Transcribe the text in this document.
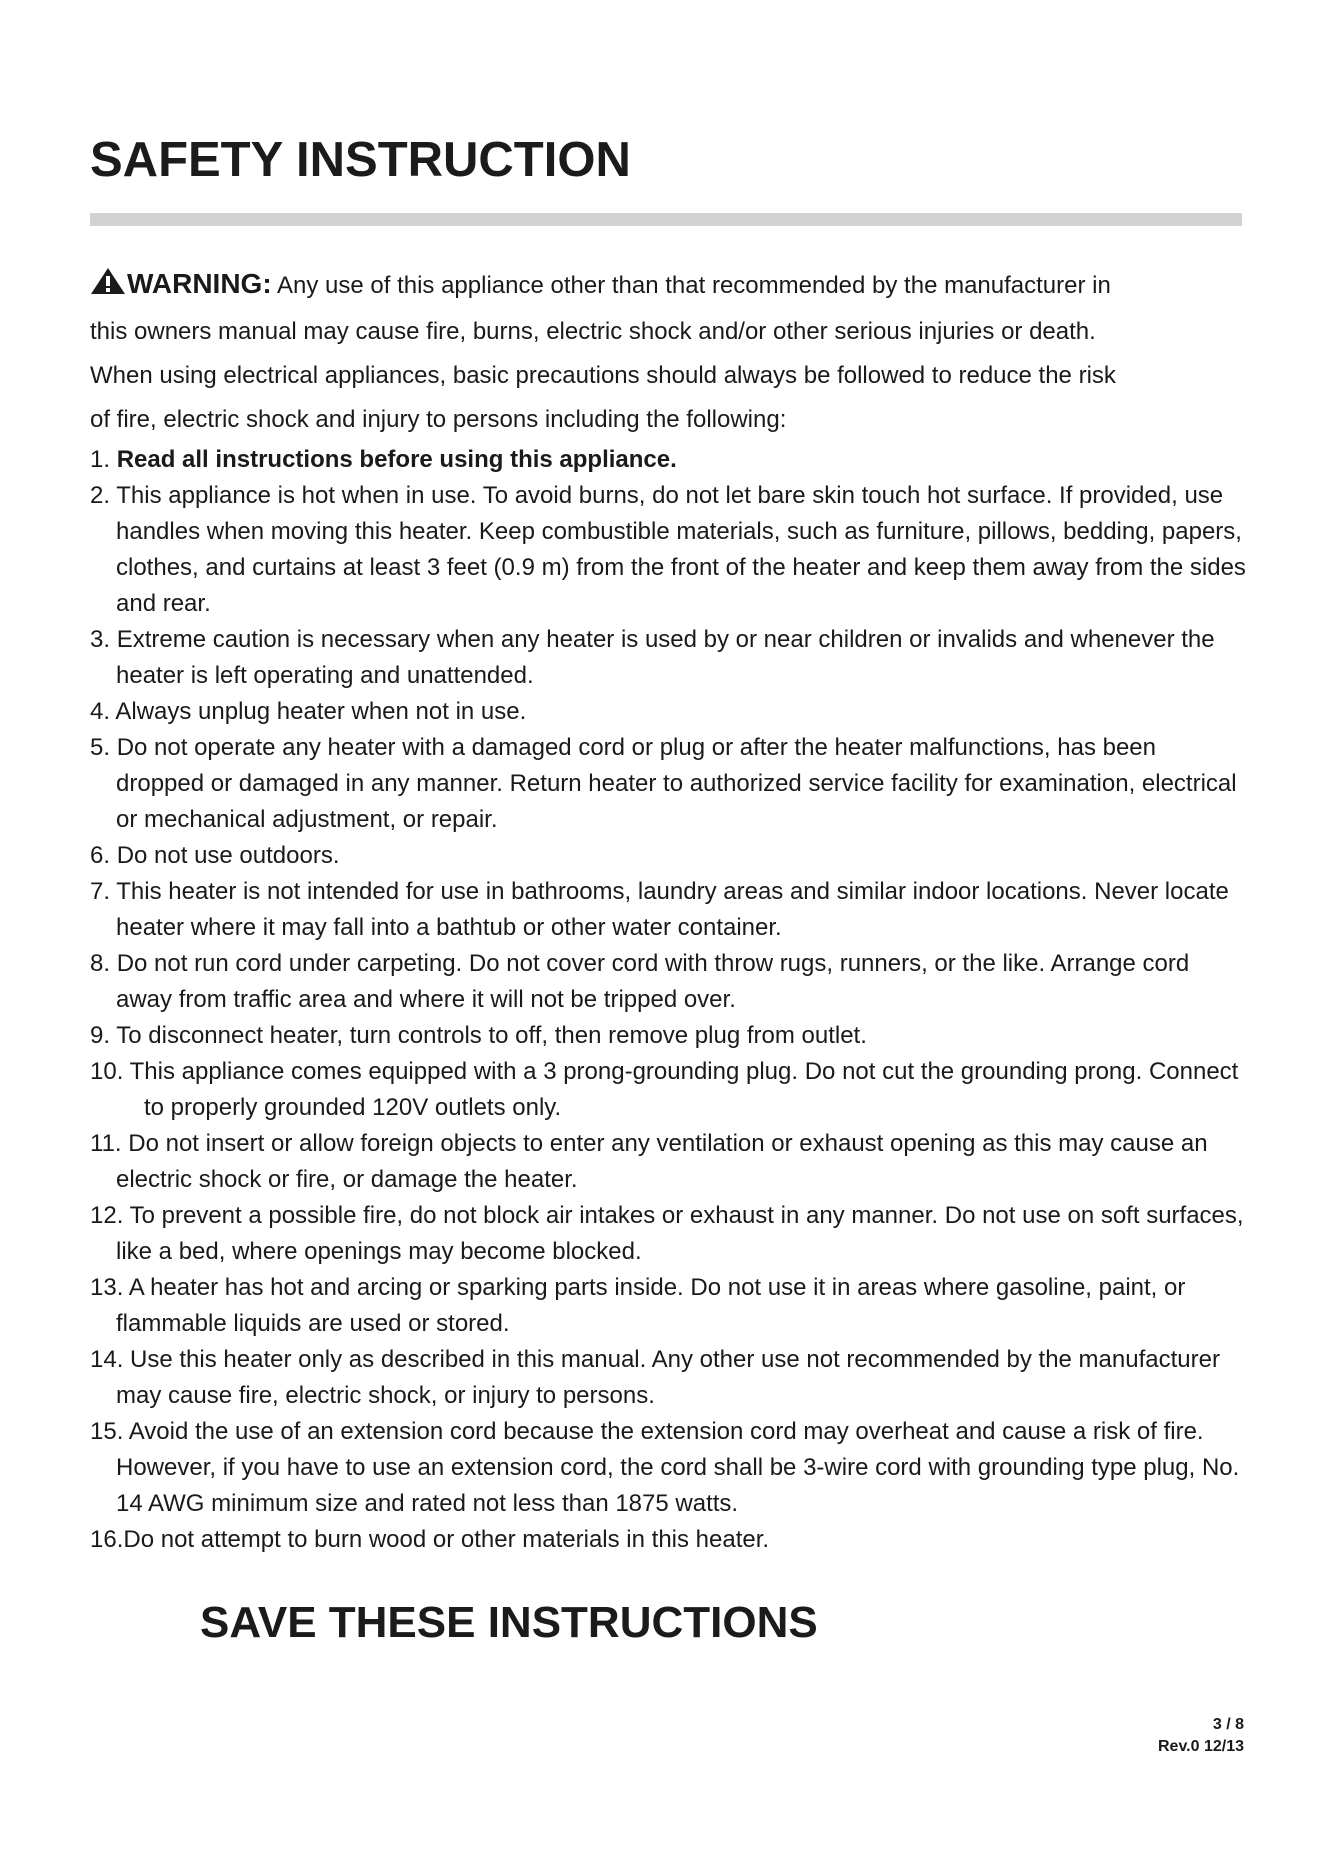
SAFETY INSTRUCTION
WARNING: Any use of this appliance other than that recommended by the manufacturer in
this owners manual may cause fire, burns, electric shock and/or other serious injuries or death.
When using electrical appliances, basic precautions should always be followed to reduce the risk
of fire, electric shock and injury to persons including the following:
1. Read all instructions before using this appliance.
2. This appliance is hot when in use. To avoid burns, do not let bare skin touch hot surface. If provided, use handles when moving this heater. Keep combustible materials, such as furniture, pillows, bedding, papers, clothes, and curtains at least 3 feet (0.9 m) from the front of the heater and keep them away from the sides and rear.
3. Extreme caution is necessary when any heater is used by or near children or invalids and whenever the heater is left operating and unattended.
4. Always unplug heater when not in use.
5. Do not operate any heater with a damaged cord or plug or after the heater malfunctions, has been dropped or damaged in any manner. Return heater to authorized service facility for examination, electrical or mechanical adjustment, or repair.
6. Do not use outdoors.
7. This heater is not intended for use in bathrooms, laundry areas and similar indoor locations. Never locate heater where it may fall into a bathtub or other water container.
8. Do not run cord under carpeting. Do not cover cord with throw rugs, runners, or the like. Arrange cord away from traffic area and where it will not be tripped over.
9. To disconnect heater, turn controls to off, then remove plug from outlet.
10. This appliance comes equipped with a 3 prong-grounding plug. Do not cut the grounding prong. Connect to properly grounded 120V outlets only.
11. Do not insert or allow foreign objects to enter any ventilation or exhaust opening as this may cause an electric shock or fire, or damage the heater.
12. To prevent a possible fire, do not block air intakes or exhaust in any manner. Do not use on soft surfaces, like a bed, where openings may become blocked.
13. A heater has hot and arcing or sparking parts inside. Do not use it in areas where gasoline, paint, or flammable liquids are used or stored.
14. Use this heater only as described in this manual. Any other use not recommended by the manufacturer may cause fire, electric shock, or injury to persons.
15. Avoid the use of an extension cord because the extension cord may overheat and cause a risk of fire. However, if you have to use an extension cord, the cord shall be 3-wire cord with grounding type plug, No. 14 AWG minimum size and rated not less than 1875 watts.
16.Do not attempt to burn wood or other materials in this heater.
SAVE THESE INSTRUCTIONS
3 / 8
Rev.0 12/13
